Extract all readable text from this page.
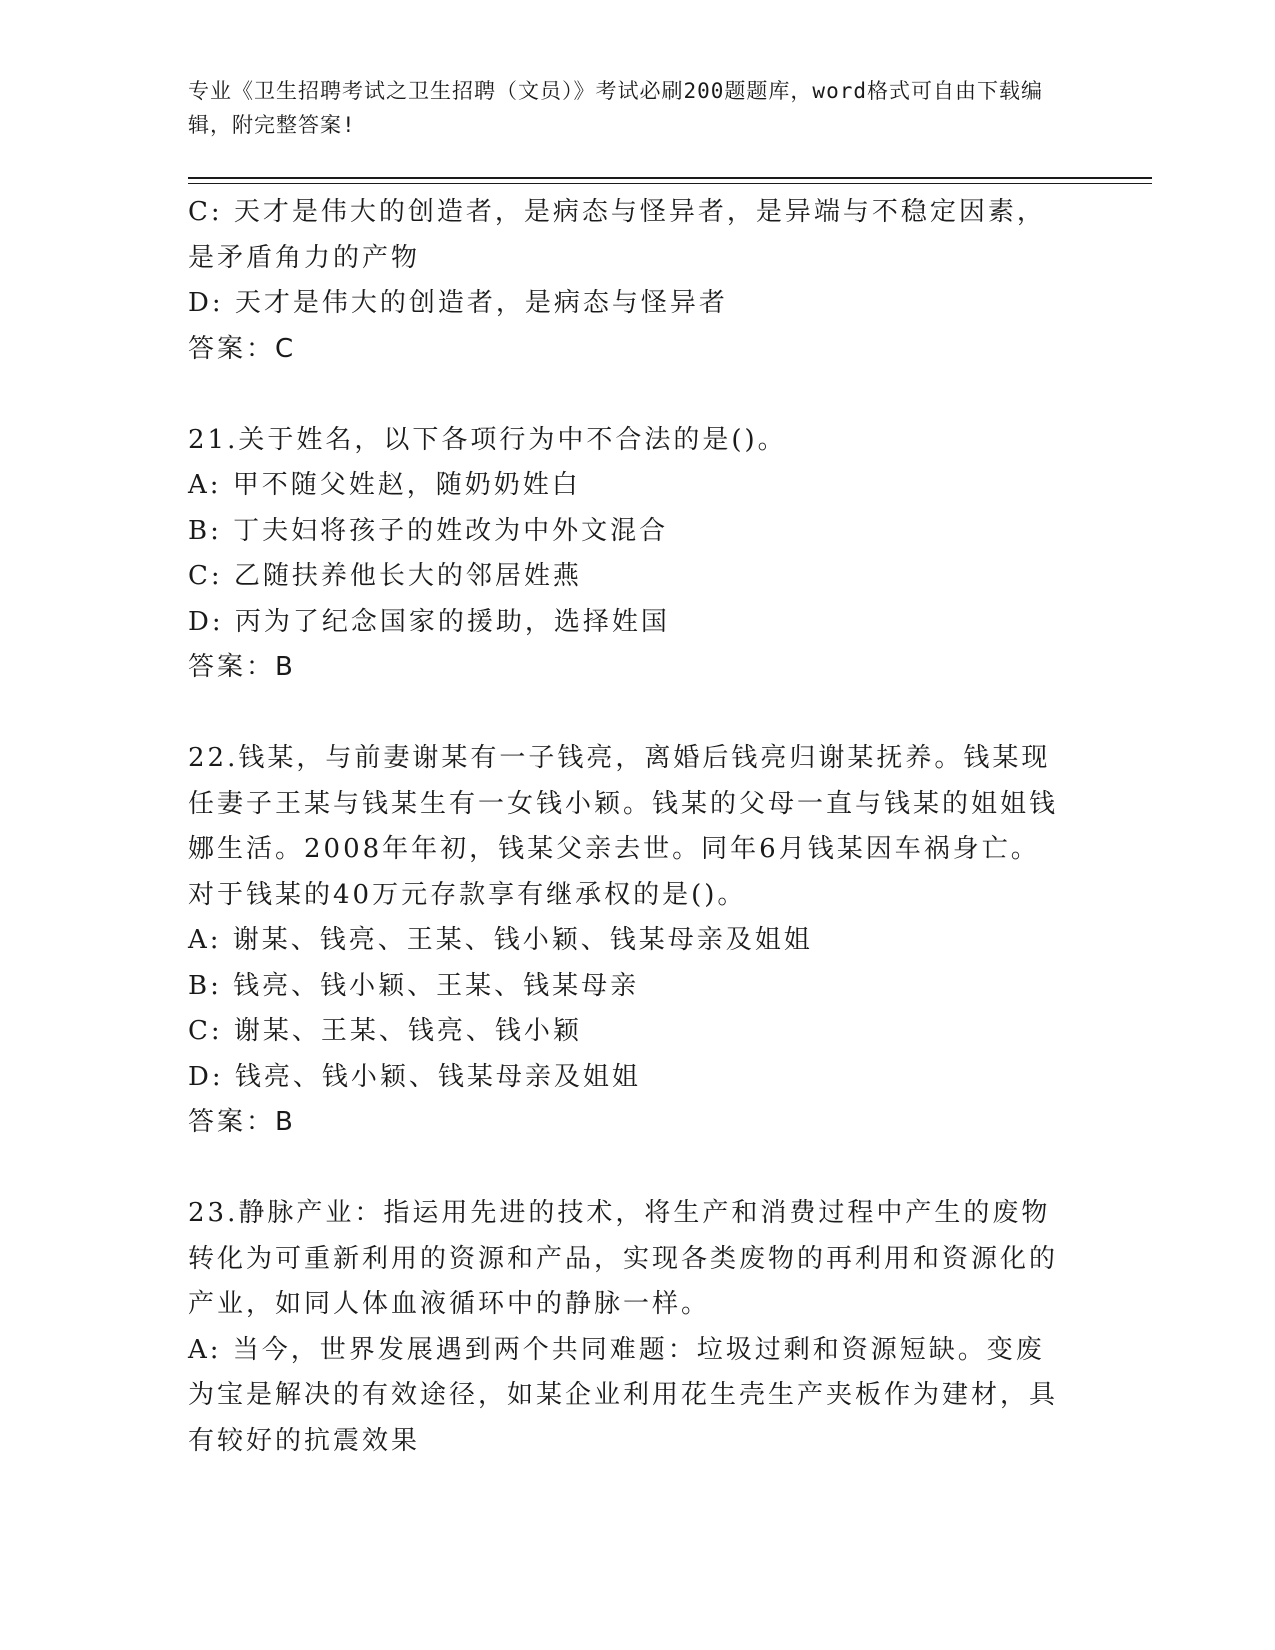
专业《卫生招聘考试之卫生招聘（文员）》考试必刷200题题库，word格式可自由下载编辑，附完整答案!

C: 天才是伟大的创造者，是病态与怪异者，是异端与不稳定因素，是矛盾角力的产物

D: 天才是伟大的创造者，是病态与怪异者

答案：C

21.关于姓名，以下各项行为中不合法的是()。

A: 甲不随父姓赵，随奶奶姓白

B: 丁夫妇将孩子的姓改为中外文混合

C: 乙随扶养他长大的邻居姓燕

D: 丙为了纪念国家的援助，选择姓国

答案：B

22.钱某，与前妻谢某有一子钱亮，离婚后钱亮归谢某抚养。钱某现任妻子王某与钱某生有一女钱小颖。钱某的父母一直与钱某的姐姐钱娜生活。2008年年初，钱某父亲去世。同年6月钱某因车祸身亡。对于钱某的40万元存款享有继承权的是()。

A: 谢某、钱亮、王某、钱小颖、钱某母亲及姐姐

B: 钱亮、钱小颖、王某、钱某母亲

C: 谢某、王某、钱亮、钱小颖

D: 钱亮、钱小颖、钱某母亲及姐姐

答案：B

23.静脉产业：指运用先进的技术，将生产和消费过程中产生的废物转化为可重新利用的资源和产品，实现各类废物的再利用和资源化的产业，如同人体血液循环中的静脉一样。

A: 当今，世界发展遇到两个共同难题：垃圾过剩和资源短缺。变废为宝是解决的有效途径，如某企业利用花生壳生产夹板作为建材，具有较好的抗震效果
